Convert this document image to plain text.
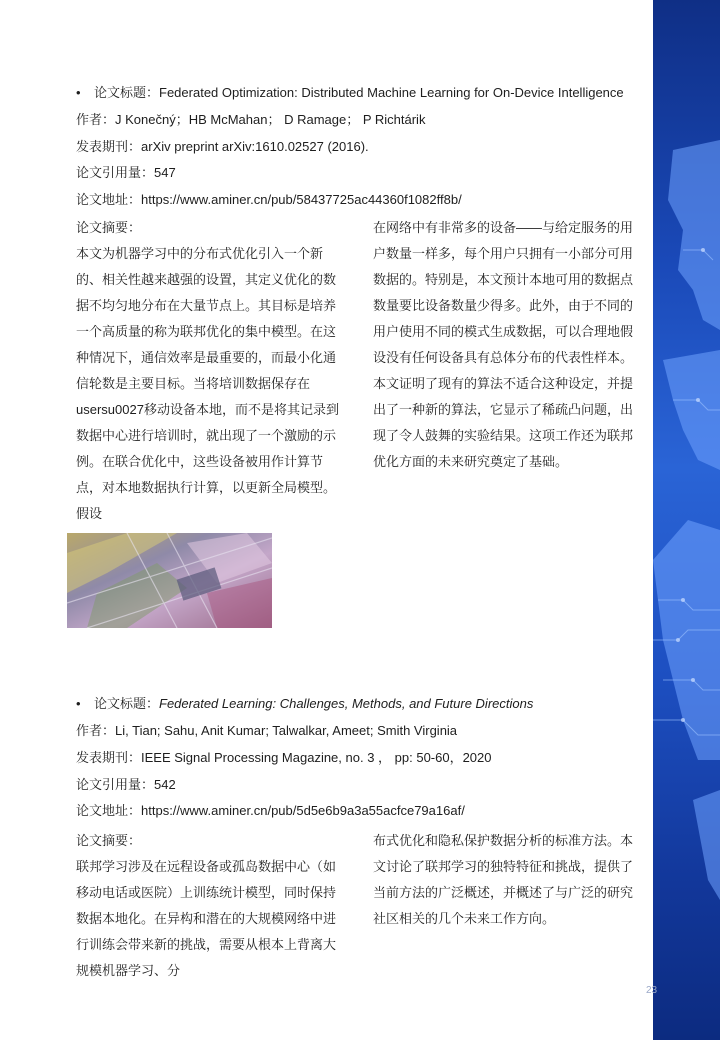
• 论文标题：Federated Optimization: Distributed Machine Learning for On-Device Intelligence
作者：J Konečný；HB McMahan； D Ramage； P Richtárik
发表期刊：arXiv preprint arXiv:1610.02527 (2016).
论文引用量：547
论文地址：https://www.aminer.cn/pub/58437725ac44360f1082ff8b/

论文摘要：

本文为机器学习中的分布式优化引入一个新的、相关性越来越强的设置，其定义优化的数据不均匀地分布在大量节点上。其目标是培养一个高质量的称为联邦优化的集中模型。在这种情况下，通信效率是最重要的，而最小化通信轮数是主要目标。当将培训数据保存在usersu0027移动设备本地，而不是将其记录到数据中心进行培训时，就出现了一个激励的示例。在联合优化中，这些设备被用作计算节点，对本地数据执行计算，以更新全局模型。假设

在网络中有非常多的设备——与给定服务的用户数量一样多，每个用户只拥有一小部分可用数据的。特别是，本文预计本地可用的数据点数量要比设备数量少得多。此外，由于不同的用户使用不同的模式生成数据，可以合理地假设没有任何设备具有总体分布的代表性样本。本文证明了现有的算法不适合这种设定，并提出了一种新的算法，它显示了稀疏凸问题，出现了令人鼓舞的实验结果。这项工作还为联邦优化方面的未来研究奠定了基础。

• 论文标题：Federated Learning: Challenges, Methods, and Future Directions
作者：Li, Tian; Sahu, Anit Kumar; Talwalkar, Ameet; Smith Virginia
发表期刊：IEEE Signal Processing Magazine, no. 3 ， pp: 50-60，2020
论文引用量：542
论文地址：https://www.aminer.cn/pub/5d5e6b9a3a55acfce79a16af/

论文摘要：

联邦学习涉及在远程设备或孤岛数据中心（如移动电话或医院）上训练统计模型，同时保持数据本地化。在异构和潜在的大规模网络中进行训练会带来新的挑战，需要从根本上背离大规模机器学习、分

布式优化和隐私保护数据分析的标准方法。本文讨论了联邦学习的独特特征和挑战，提供了当前方法的广泛概述，并概述了与广泛的研究社区相关的几个未来工作方向。

23
